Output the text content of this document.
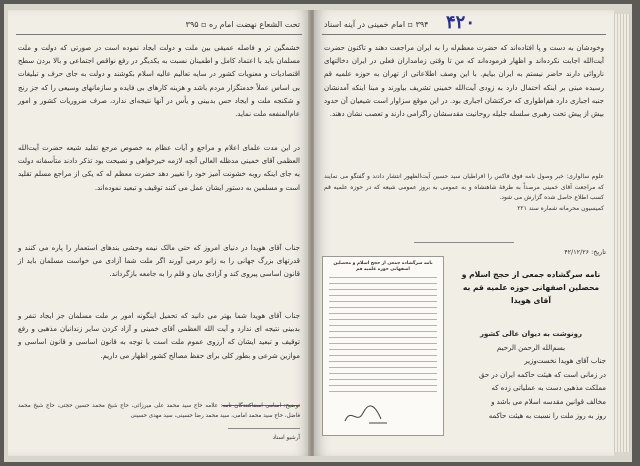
تحت الشعاع نهضت امام ره ▫ ۳۹۵
خشمگین تر و فاصله عمیقی بین ملت و دولت ایجاد نموده است در صورتی که دولت و ملت مسلمان باید با اعتماد کامل و اطمینان نسبت به یکدیگر در رفع نواقص اجتماعی و بالا بردن سطح اقتصادیات و معنویات کشور در سایه تعالیم عالیه اسلام بکوشند و دولت به جای حرف و تبلیغات بی اساس عملاً خدمتگزار مردم باشد و هزینه کارهای بی فایده و سازمانهای وسیعی را که جز رنج و شکنجه ملت و ایجاد حس بدبینی و یأس در آنها نتیجه‌ای ندارد، صرف ضروریات کشور و امور عام‌المنفعه ملت نماید.
در این مدت علمای اعلام و مراجع و آیات عظام به خصوص مرجع تقلید شیعه حضرت آیت‌الله العظمی آقای خمینی مدظله العالی آنچه لازمه خیرخواهی و نصیحت بود تذکر دادند متأسفانه دولت به جای اینکه روبه خشونت آمیز خود را تغییر دهد حضرت معظم له که یکی از مراجع مسلم تقلید است و مسلمین به دستور ایشان عمل می کنند توقیف و تبعید نموده‌اند.
جناب آقای هویدا در دنیای امروز که حتی مالک نیمه وحشی بندهای استعمار را پاره می کنند و قدرتهای بزرگ جهانی را به زانو درمی آورند اگر ملت شما آزادی می خواست مسلمان باید از قانون اساسی پیروی کند و آزادی بیان و قلم را به جامعه بازگرداند.
جناب آقای هویدا شما بهتر می دانید که تحمیل اینگونه امور بر ملت مسلمان جز ایجاد تنفر و بدبینی نتیجه ای ندارد و آیت الله العظمی آقای خمینی و آزاد کردن سایر زندانیان مذهبی و رفع توقیف و تبعید ایشان که آرزوی عموم ملت است با توجه به قانون اساسی و قانون اساسی و موازین شرعی و بطور کلی برای حفظ مصالح کشور اظهار می داریم.
توضیح: اسامی امضاکنندگان نامه: علامه حاج سید محمد علی میرزائی، حاج شیخ محمد حسین حجتی، حاج شیخ محمد فاضل، حاج سید محمد امامی، سید محمد رضا حسینی، سید مهدی حسینی
آرشیو اسناد
۳۹۴ ▫ امام خمینی در آینه اسناد	۴۲۰
وخودشان به دست و پا افتاده‌اند که حضرت معظم‌له را به ایران مراجعت دهند و تاکنون حضرت آیت‌الله اجابت نکرده‌اند و اظهار فرموده‌اند که من تا وقتی زمامداران فعلی در ایران دخالتهای ناروائی دارند حاضر نیستم به ایران بیایم. با این وصف اطلاعاتی از تهران به حوزه علمیه قم رسیده مبنی بر اینکه احتمال دارد به زودی آیت‌الله خمینی تشریف بیاورند و مبنا اینکه آمدنشان جنبه اجباری دارد هم‌اطواری که حرکتشان اجباری بود. در این موقع سزاوار است شیعیان آن حدود بیش از پیش تحت رهبری سلسله جلیله روحانیت مقدسشان راگرامی دارند و تعصب نشان دهند.
علوم سالواری: خبر وصول نامه فوق فاکس را افراطیان سید حسین آیت‌الظهور انتشار دادند و گفتگو می نمایند که مراجعت آقای خمینی مرصداً به طرفهٔ شاهنشاه و به عمومی به بروز عمومی شیعه که در حوزه علمیه قم کسب اطلاع حاصل شده گزارش می شود.
کمیسیون محرمانه شماره سند ۲۲۱
تاریخ: ۴۲/۱۲/۲۶
نامه سرگشاده جمعی از حجج اسلام و محصلین اصفهانی حوزه علمیه قم
نامه سرگشاده جمعی از حجج اسلام و محصلین اصفهانی حوزه علمیه قم به آقای هویدا
رونوشت به دیوان عالی کشور
بسم‌الله الرحمن الرحیم
جناب آقای هویدا نخست‌وزیر
در زمانی است که هیئت حاکمه ایران در حق
مملکت مذهبی دست به عملیاتی زده که
مخالف قوانین مقدسه اسلام می باشد و
روز به روز ملت را نسبت به هیئت حاکمه
